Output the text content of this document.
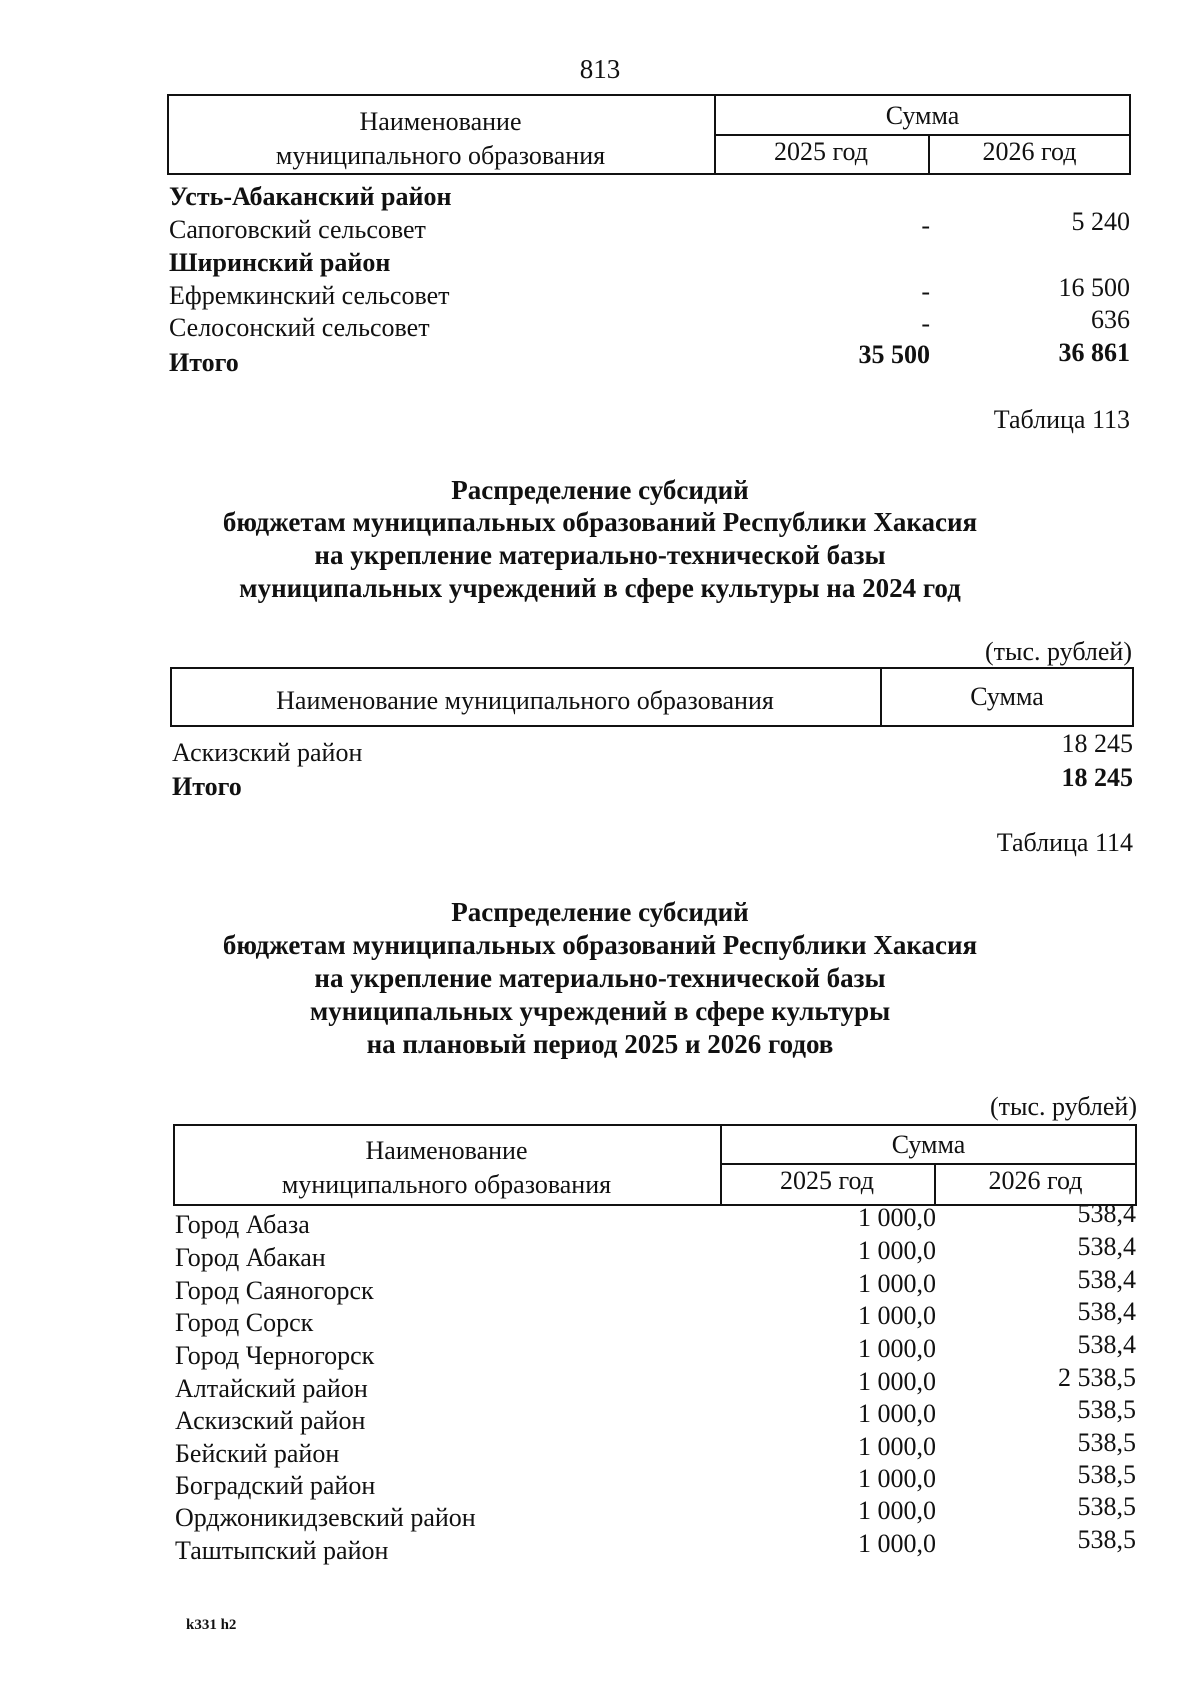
813
Наименование
муниципального образования
Сумма
2025 год	2026 год
Усть-Абаканский район
Сапоговский сельсовет	-	5 240
Ширинский район
Ефремкинский сельсовет	-	16 500
Селосонский сельсовет	-	636
Итого	35 500	36 861
Таблица 113
Распределение субсидий
бюджетам муниципальных образований Республики Хакасия
на укрепление материально-технической базы
муниципальных учреждений в сфере культуры на 2024 год
(тыс. рублей)
Наименование муниципального образования	Сумма
Аскизский район	18 245
Итого	18 245
Таблица 114
Распределение субсидий
бюджетам муниципальных образований Республики Хакасия
на укрепление материально-технической базы
муниципальных учреждений в сфере культуры
на плановый период 2025 и 2026 годов
(тыс. рублей)
Наименование
муниципального образования
Сумма
2025 год	2026 год
Город Абаза	1 000,0	538,4
Город Абакан	1 000,0	538,4
Город Саяногорск	1 000,0	538,4
Город Сорск	1 000,0	538,4
Город Черногорск	1 000,0	538,4
Алтайский район	1 000,0	2 538,5
Аскизский район	1 000,0	538,5
Бейский район	1 000,0	538,5
Боградский район	1 000,0	538,5
Орджоникидзевский район	1 000,0	538,5
Таштыпский район	1 000,0	538,5
k331 h2
